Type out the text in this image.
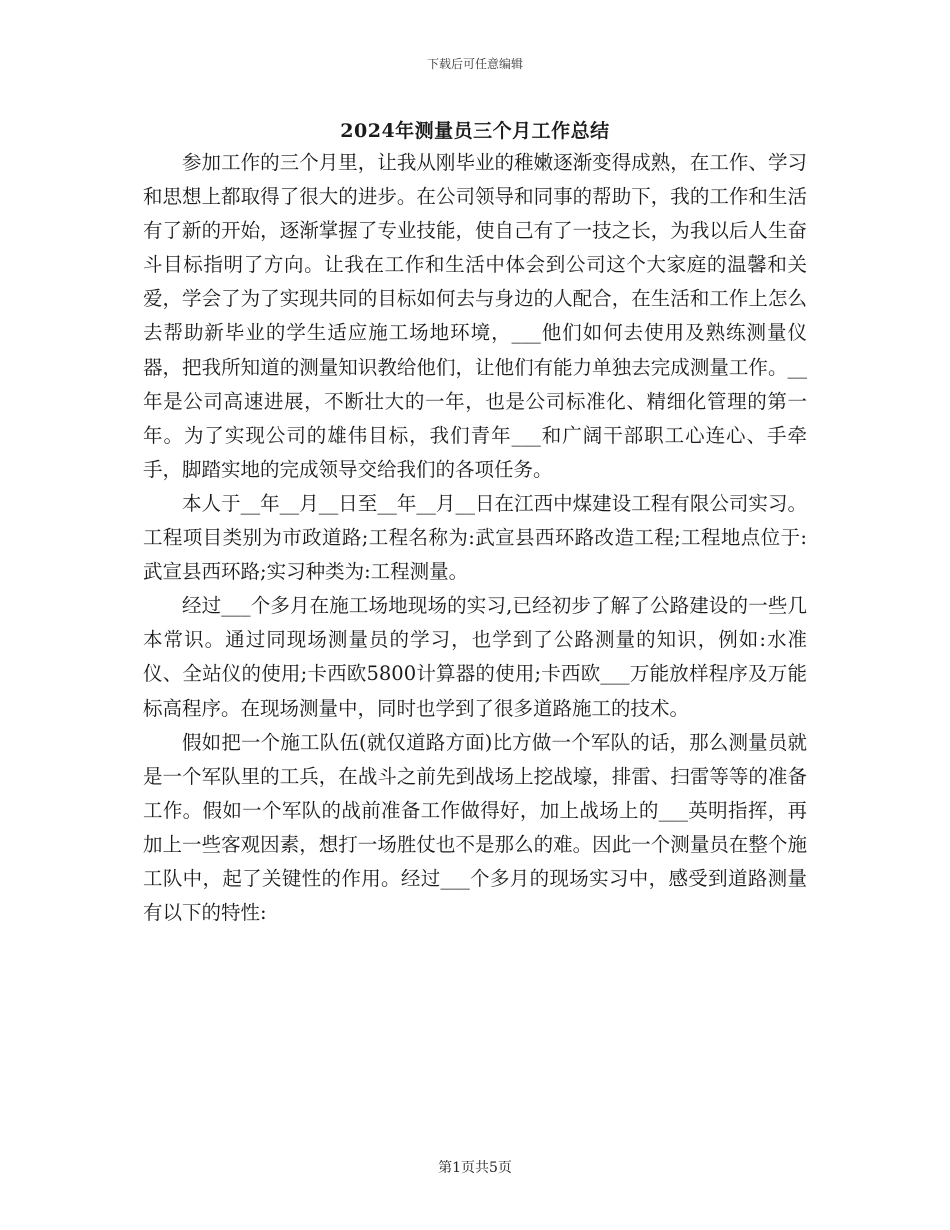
下载后可任意编辑
2024年测量员三个月工作总结

参加工作的三个月里，让我从刚毕业的稚嫩逐渐变得成熟，在工作、学习和思想上都取得了很大的进步。在公司领导和同事的帮助下，我的工作和生活有了新的开始，逐渐掌握了专业技能，使自己有了一技之长，为我以后人生奋斗目标指明了方向。让我在工作和生活中体会到公司这个大家庭的温馨和关爱，学会了为了实现共同的目标如何去与身边的人配合，在生活和工作上怎么去帮助新毕业的学生适应施工场地环境，___他们如何去使用及熟练测量仪器，把我所知道的测量知识教给他们，让他们有能力单独去完成测量工作。__年是公司高速进展，不断壮大的一年，也是公司标准化、精细化管理的第一年。为了实现公司的雄伟目标，我们青年___和广阔干部职工心连心、手牵手，脚踏实地的完成领导交给我们的各项任务。

本人于__年__月__日至__年__月__日在江西中煤建设工程有限公司实习。工程项目类别为市政道路;工程名称为:武宣县西环路改造工程;工程地点位于:武宣县西环路;实习种类为:工程测量。

经过___个多月在施工场地现场的实习,已经初步了解了公路建设的一些几本常识。通过同现场测量员的学习，也学到了公路测量的知识，例如:水准仪、全站仪的使用;卡西欧5800计算器的使用;卡西欧___万能放样程序及万能标高程序。在现场测量中，同时也学到了很多道路施工的技术。

假如把一个施工队伍(就仅道路方面)比方做一个军队的话，那么测量员就是一个军队里的工兵，在战斗之前先到战场上挖战壕，排雷、扫雷等等的准备工作。假如一个军队的战前准备工作做得好，加上战场上的___英明指挥，再加上一些客观因素，想打一场胜仗也不是那么的难。因此一个测量员在整个施工队中，起了关键性的作用。经过___个多月的现场实习中，感受到道路测量有以下的特性:

第1页共5页
